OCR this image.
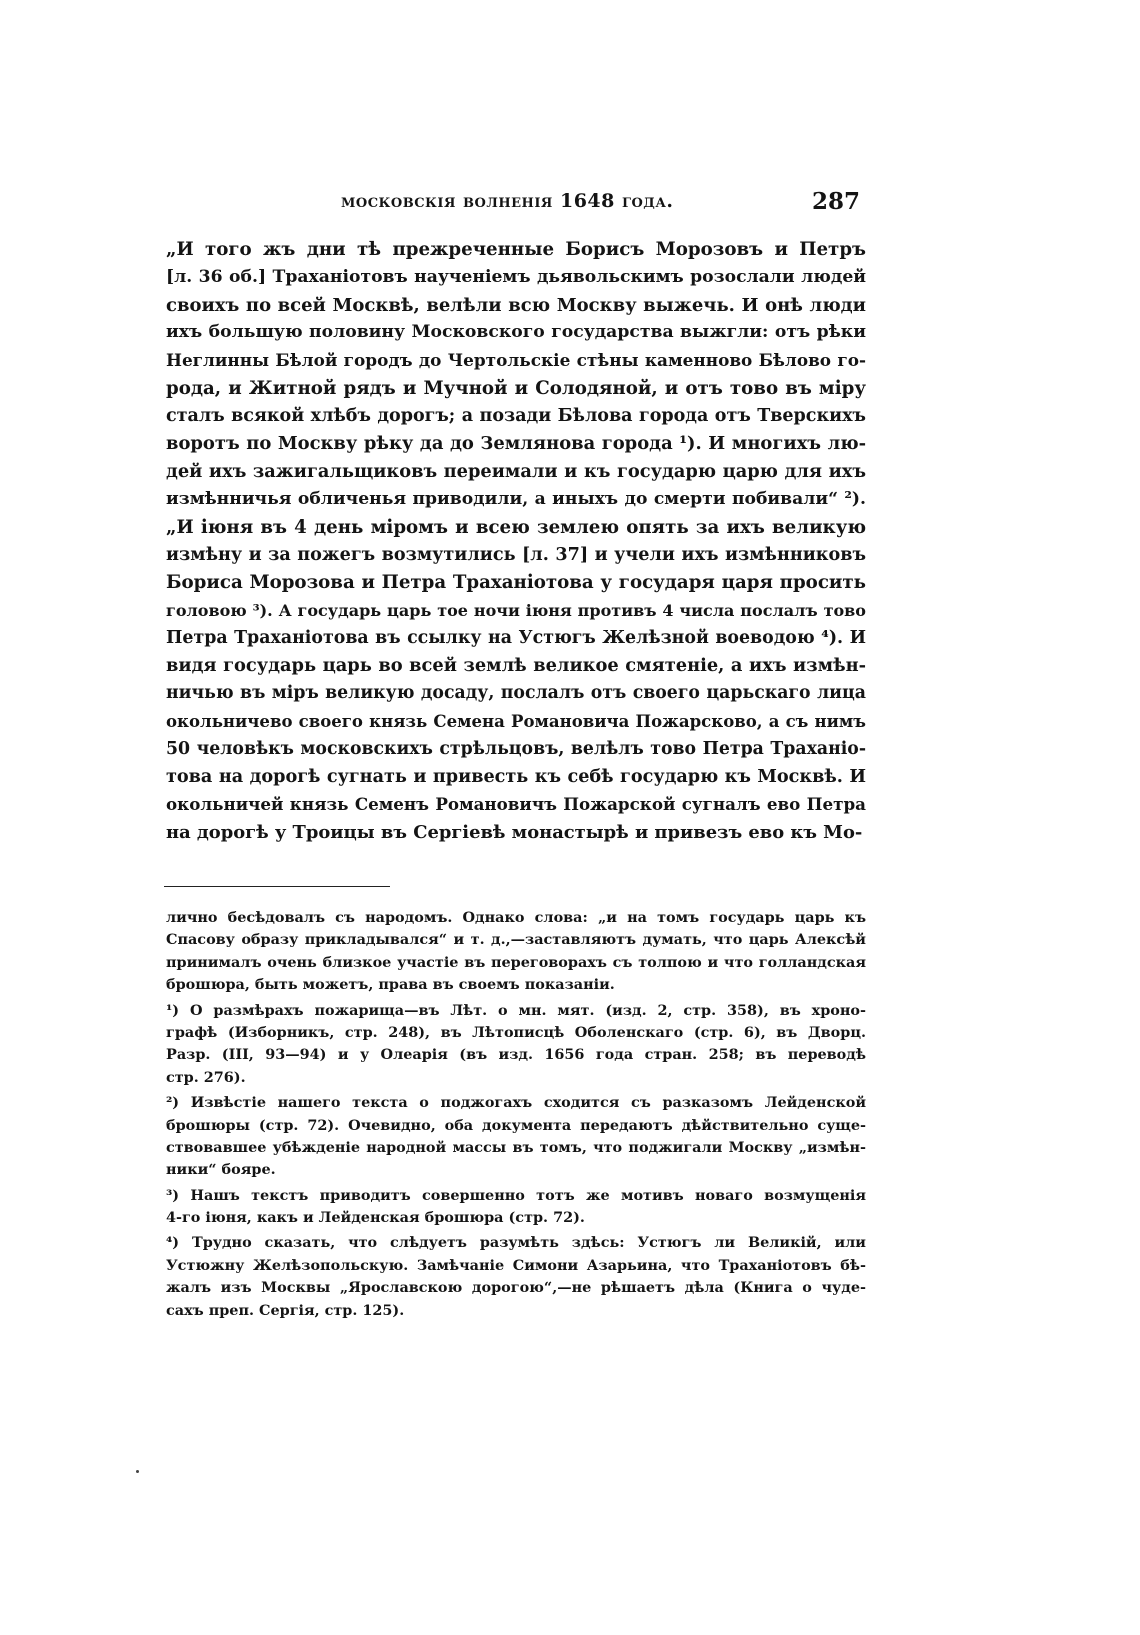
московскія волненія 1648 года.	287
„И того жъ дни тѣ прежреченные Борисъ Морозовъ и Петръ
[л. 36 об.] Траханіотовъ наученіемъ дьявольскимъ розослали людей
своихъ по всей Москвѣ, велѣли всю Москву выжечь. И онѣ люди
ихъ большую половину Московского государства выжгли: отъ рѣки
Неглинны Бѣлой городъ до Чертольскіе стѣны каменново Бѣлово го-
рода, и Житной рядъ и Мучной и Солодяной, и отъ тово въ міру
сталъ всякой хлѣбъ дорогъ; а позади Бѣлова города отъ Тверскихъ
воротъ по Москву рѣку да до Землянова города ¹). И многихъ лю-
дей ихъ зажигальщиковъ переимали и къ государю царю для ихъ
измѣнничья обличенья приводили, а иныхъ до смерти побивали“ ²).
„И іюня въ 4 день міромъ и всею землею опять за ихъ великую
измѣну и за пожегъ возмутились [л. 37] и учели ихъ измѣнниковъ
Бориса Морозова и Петра Траханіотова у государя царя просить
головою ³). А государь царь тое ночи іюня противъ 4 числа послалъ тово
Петра Траханіотова въ ссылку на Устюгъ Желѣзной воеводою ⁴). И
видя государь царь во всей землѣ великое смятеніе, а ихъ измѣн-
ничью въ міръ великую досаду, послалъ отъ своего царьскаго лица
окольничево своего князь Семена Романовича Пожарсково, а съ нимъ
50 человѣкъ московскихъ стрѣльцовъ, велѣлъ тово Петра Траханіо-
това на дорогѣ сугнать и привесть къ себѣ государю къ Москвѣ. И
окольничей князь Семенъ Романовичъ Пожарской сугналъ ево Петра
на дорогѣ у Троицы въ Сергіевѣ монастырѣ и привезъ ево къ Мо-
лично бесѣдовалъ съ народомъ. Однако слова: „и на томъ государь царь къ
Спасову образу прикладывался“ и т. д.,—заставляютъ думать, что царь Алексѣй
принималъ очень близкое участіе въ переговорахъ съ толпою и что голландская
брошюра, быть можетъ, права въ своемъ показаніи.
¹) О размѣрахъ пожарища—въ Лѣт. о мн. мят. (изд. 2, стр. 358), въ хроно-
графѣ (Изборникъ, стр. 248), въ Лѣтописцѣ Оболенскаго (стр. 6), въ Дворц.
Разр. (III, 93—94) и у Олеарія (въ изд. 1656 года стран. 258; въ переводѣ
стр. 276).
²) Извѣстіе нашего текста о поджогахъ сходится съ разказомъ Лейденской
брошюры (стр. 72). Очевидно, оба документа передаютъ дѣйствительно суще-
ствовавшее убѣжденіе народной массы въ томъ, что поджигали Москву „измѣн-
ники“ бояре.
³) Нашъ текстъ приводитъ совершенно тотъ же мотивъ новаго возмущенія
4-го іюня, какъ и Лейденская брошюра (стр. 72).
⁴) Трудно сказать, что слѣдуетъ разумѣть здѣсь: Устюгъ ли Великій, или
Устюжну Желѣзопольскую. Замѣчаніе Симони Азарьина, что Траханіотовъ бѣ-
жалъ изъ Москвы „Ярославскою дорогою“,—не рѣшаетъ дѣла (Книга о чуде-
сахъ преп. Сергія, стр. 125).
